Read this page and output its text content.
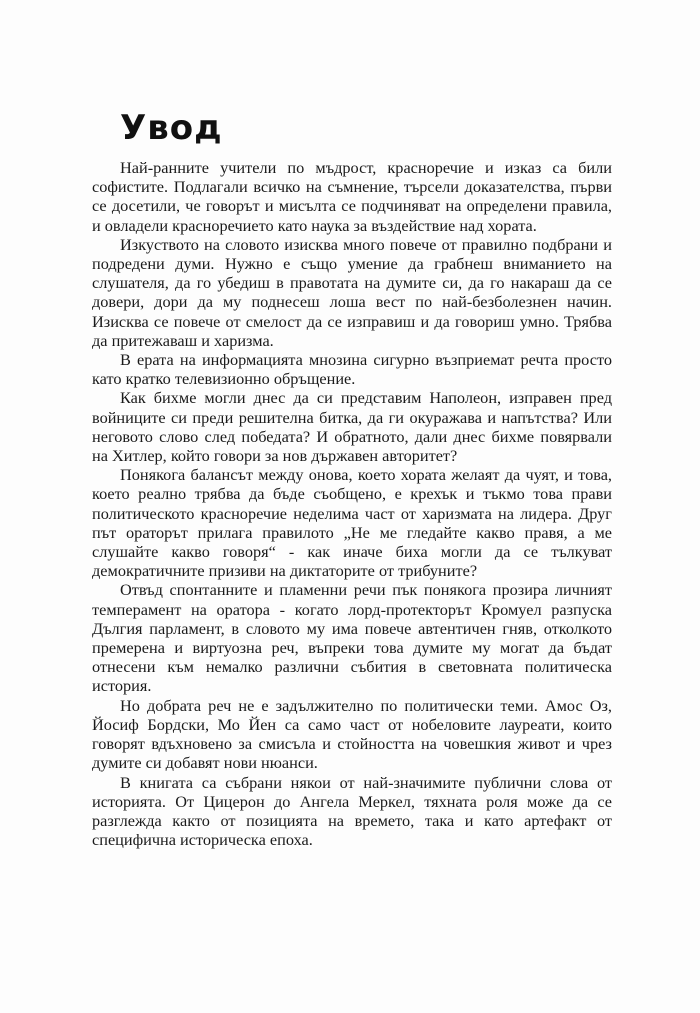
Увод

Най-ранните учители по мъдрост, красноречие и изказ са били софистите. Подлагали всичко на съмнение, търсели доказателства, първи се досетили, че говорът и мисълта се подчиняват на определени правила, и овладели красноречието като наука за въздействие над хората.

Изкуството на словото изисква много повече от правилно подбрани и подредени думи. Нужно е също умение да грабнеш вниманието на слушателя, да го убедиш в правотата на думите си, да го накараш да се довери, дори да му поднесеш лоша вест по най-безболезнен начин. Изисква се повече от смелост да се изправиш и да говориш умно. Трябва да притежаваш и харизма.

В ерата на информацията мнозина сигурно възприемат речта просто като кратко телевизионно обръщение.

Как бихме могли днес да си представим Наполеон, изправен пред войниците си преди решителна битка, да ги окуражава и напътства? Или неговото слово след победата? И обратното, дали днес бихме повярвали на Хитлер, който говори за нов държавен авторитет?

Понякога балансът между онова, което хората желаят да чуят, и това, което реално трябва да бъде съобщено, е крехък и тъкмо това прави политическото красноречие неделима част от харизмата на лидера. Друг път ораторът прилага правилото „Не ме гледайте какво правя, а ме слушайте какво говоря“ - как иначе биха могли да се тълкуват демократичните призиви на диктаторите от трибуните?

Отвъд спонтанните и пламенни речи пък понякога прозира личният темперамент на оратора - когато лорд-протекторът Кромуел разпуска Дългия парламент, в словото му има повече автентичен гняв, отколкото премерена и виртуозна реч, въпреки това думите му могат да бъдат отнесени към немалко различни събития в световната политическа история.

Но добрата реч не е задължително по политически теми. Амос Оз, Йосиф Бордски, Мо Йен са само част от нобеловите лауреати, които говорят вдъхновено за смисъла и стойността на човешкия живот и чрез думите си добавят нови нюанси.

В книгата са събрани някои от най-значимите публични слова от историята. От Цицерон до Ангела Меркел, тяхната роля може да се разглежда както от позицията на времето, така и като артефакт от специфична историческа епоха.
